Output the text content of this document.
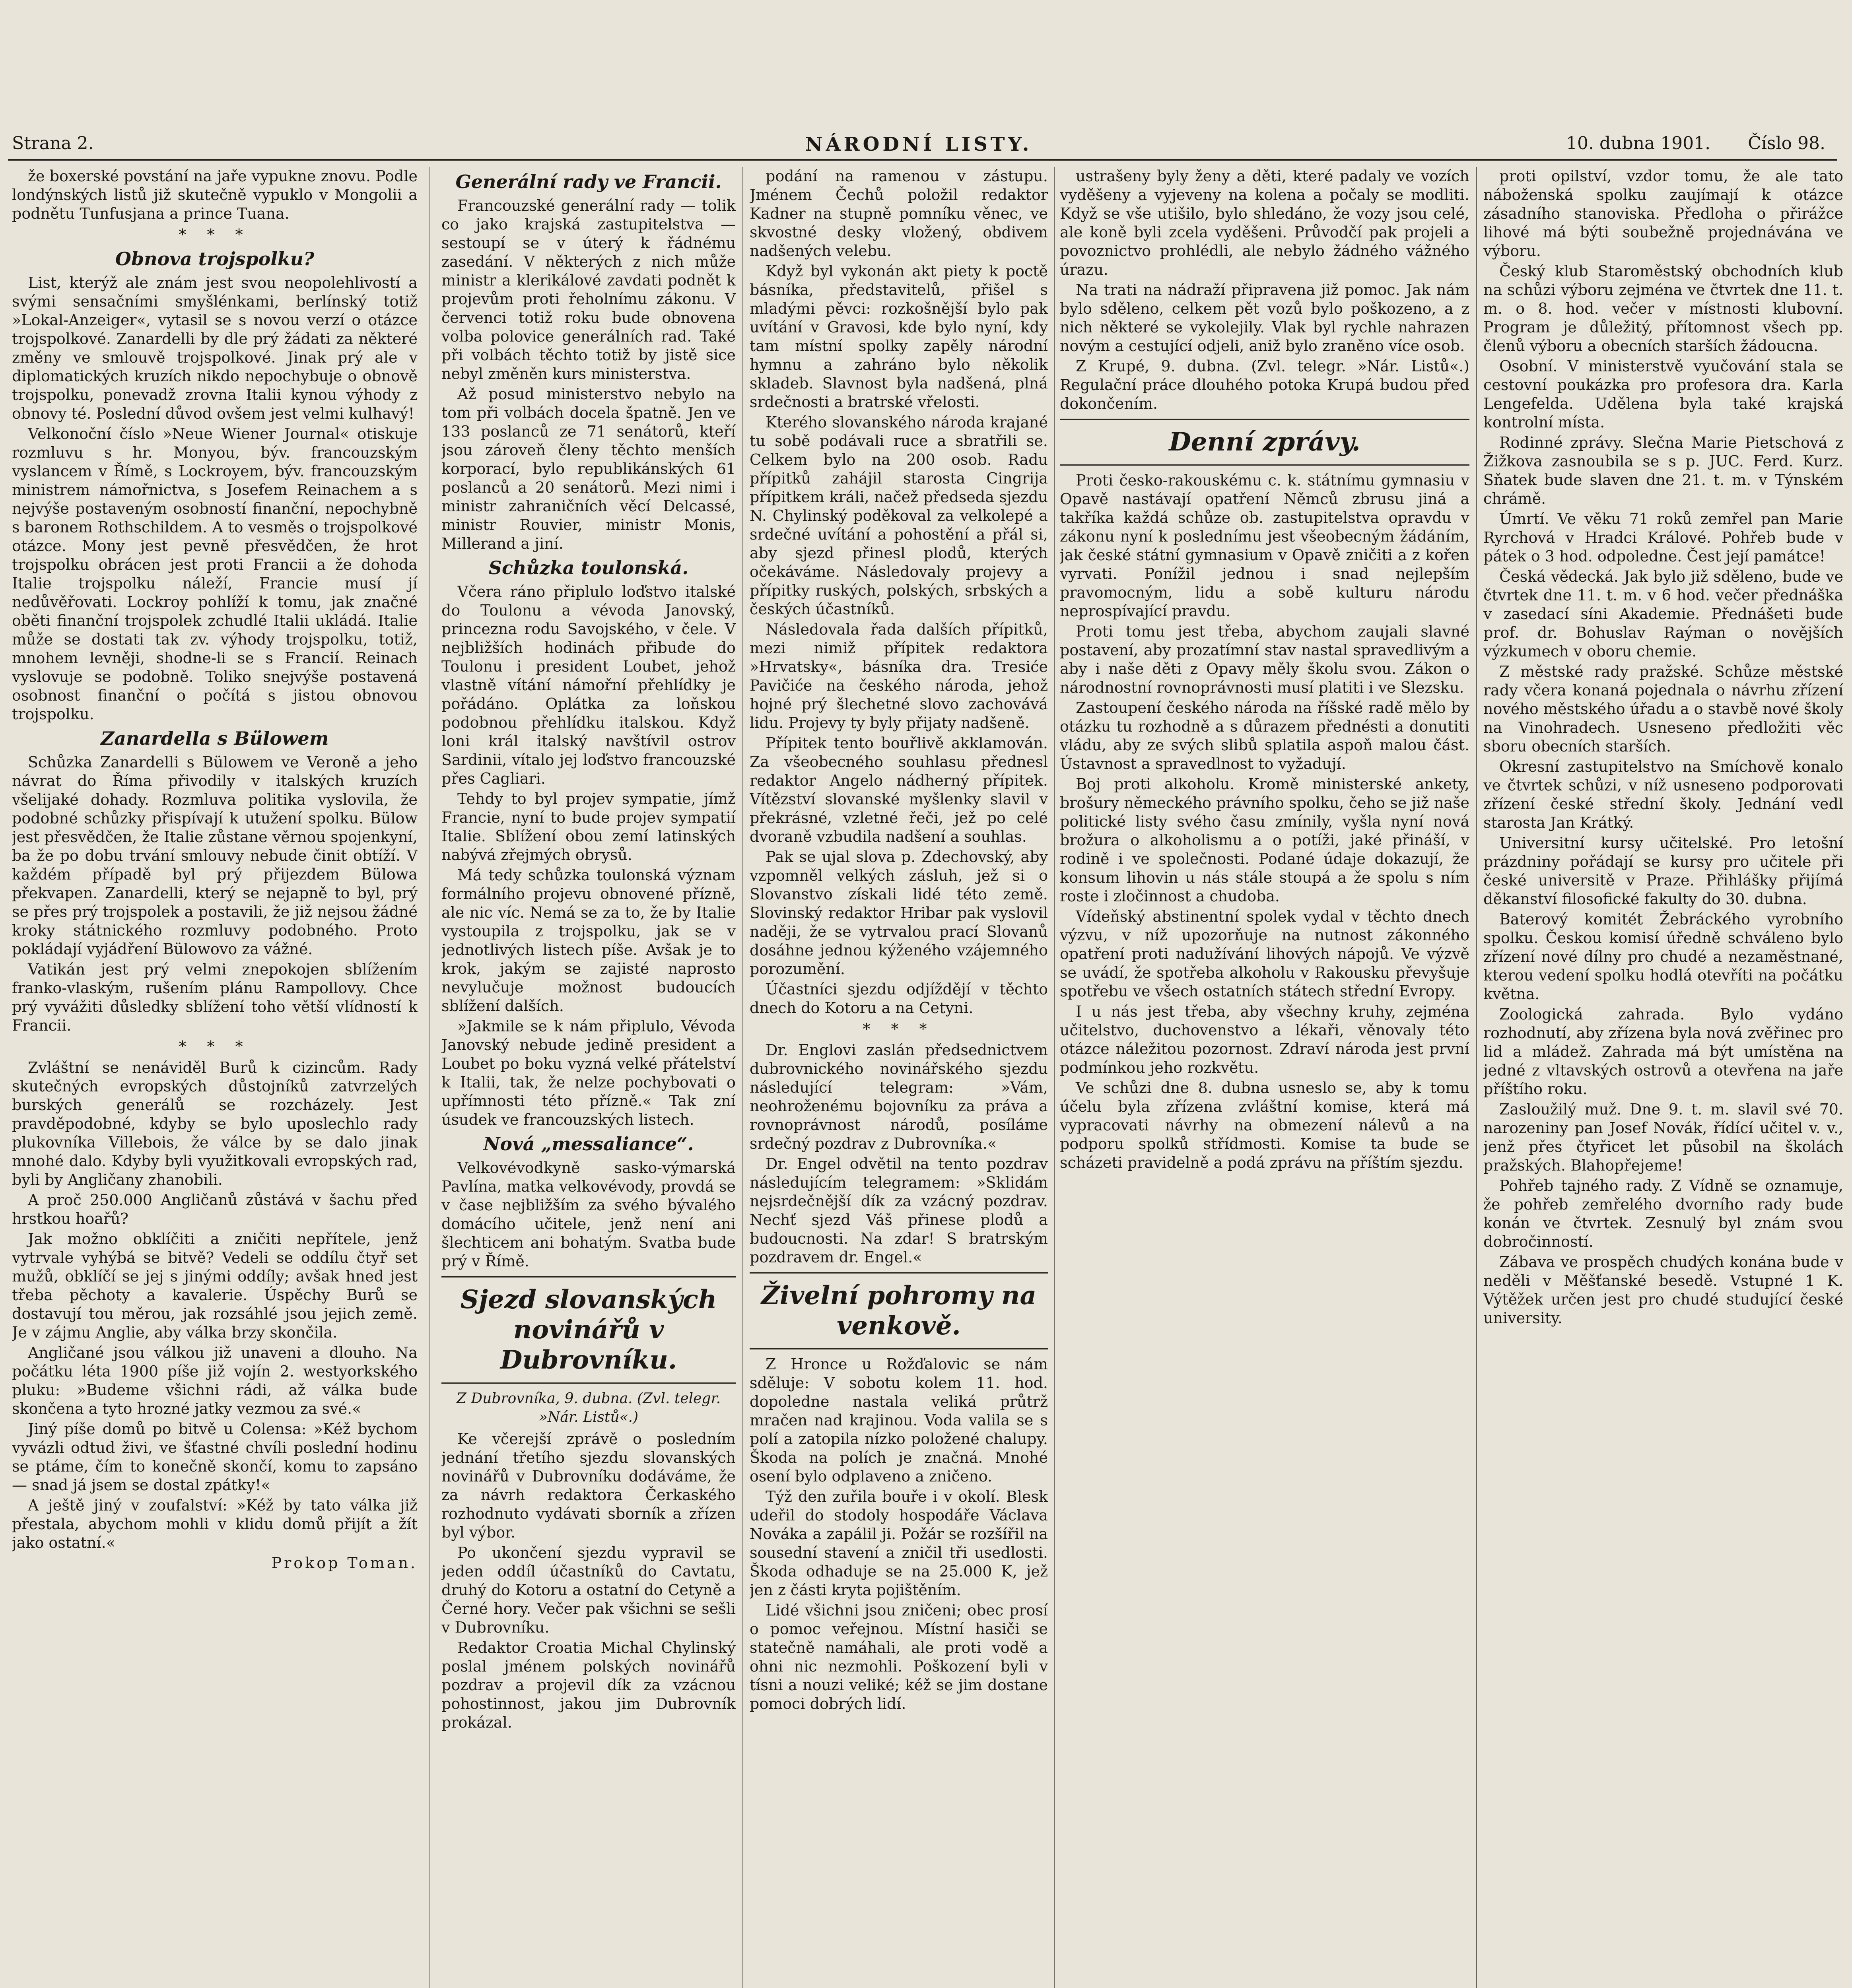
Strana 2.	NÁRODNÍ LISTY.	10. dubna 1901. Číslo 98.

že boxerské povstání na jaře vypukne znovu. Podle londýnských listů již skutečně vypuklo v Mongolii a podnětu Tunfusjana a prince Tuana.

* * *
Obnova trojspolku?

List, kterýž ale znám jest svou neopolehlivostí a svými sensačními smyšlénkami, berlínský totiž »Lokal-Anzeiger«, vytasil se s novou verzí o otázce trojspolkové. Zanardelli by dle prý žádati za některé změny ve smlouvě trojspolkové. Jinak prý ale v diplomatických kruzích nikdo nepochybuje o obnově trojspolku, ponevadž zrovna Italii kynou výhody z obnovy té. Poslední důvod ovšem jest velmi kulhavý!

Velkonoční číslo »Neue Wiener Journal« otiskuje rozmluvu s hr. Monyou, býv. francouzským vyslancem v Římě, s Lockroyem, býv. francouzským ministrem námořnictva, s Josefem Reinachem a s nejvýše postaveným osobností finanční, nepochybně s baronem Rothschildem. A to vesměs o trojspolkové otázce. Mony jest pevně přesvědčen, že hrot trojspolku obrácen jest proti Francii a že dohoda Italie trojspolku náleží, Francie musí jí nedůvěřovati. Lockroy pohlíží k tomu, jak značné oběti finanční trojspolek zchudlé Italii ukládá. Italie může se dostati tak zv. výhody trojspolku, totiž, mnohem levněji, shodne-li se s Francií. Reinach vyslovuje se podobně. Toliko snejvýše postavená osobnost finanční o počítá s jistou obnovou trojspolku.

Zanardella s Bülowem

Schůzka Zanardelli s Bülowem ve Veroně a jeho návrat do Říma přivodily v italských kruzích všelijaké dohady. Rozmluva politika vyslovila, že podobné schůzky přispívají k utužení spolku. Bülow jest přesvědčen, že Italie zůstane věrnou spojenkyní, ba že po dobu trvání smlouvy nebude činit obtíží. V každém případě byl prý přijezdem Bülowa překvapen. Zanardelli, který se nejapně to byl, prý se přes prý trojspolek a postavili, že již nejsou žádné kroky státnického rozmluvy podobného. Proto pokládají vyjádření Bülowovo za vážné.

Vatikán jest prý velmi znepokojen sblížením franko-vlaským, rušením plánu Rampollovy. Chce prý vyvážiti důsledky sblížení toho větší vlídností k Francii.

* * *

Zvláštní se nenáviděl Burů k cizincům. Rady skutečných evropských důstojníků zatvrzelých burských generálů se rozcházely. Jest pravděpodobné, kdyby se bylo uposlechlo rady plukovníka Villebois, že válce by se dalo jinak mnohé dalo. Kdyby byli využitkovali evropských rad, byli by Angličany zhanobili.

A proč 250.000 Angličanů zůstává v šachu před hrstkou hoařů?

Jak možno obklíčiti a zničiti nepřítele, jenž vytrvale vyhýbá se bitvě? Vedeli se oddílu čtyř set mužů, obklíčí se jej s jinými oddíly; avšak hned jest třeba pěchoty a kavalerie. Úspěchy Burů se dostavují tou měrou, jak rozsáhlé jsou jejich země. Je v zájmu Anglie, aby válka brzy skončila.

Angličané jsou válkou již unaveni a dlouho. Na počátku léta 1900 píše již vojín 2. westyorkského pluku: »Budeme všichni rádi, až válka bude skončena a tyto hrozné jatky vezmou za své.«

Jiný píše domů po bitvě u Colensa: »Kéž bychom vyvázli odtud živi, ve šťastné chvíli poslední hodinu se ptáme, čím to konečně skončí, komu to zapsáno — snad já jsem se dostal zpátky!«

A ještě jiný v zoufalství: »Kéž by tato válka již přestala, abychom mohli v klidu domů přijít a žít jako ostatní.«

Prokop Toman.
Generální rady ve Francii.

Francouzské generální rady — tolik co jako krajská zastupitelstva — sestoupí se v úterý k řádnému zasedání. V některých z nich může ministr a klerikálové zavdati podnět k projevům proti řeholnímu zákonu. V červenci totiž roku bude obnovena volba polovice generálních rad. Také při volbách těchto totiž by jistě sice nebyl změněn kurs ministerstva.

Až posud ministerstvo nebylo na tom při volbách docela špatně. Jen ve 133 poslanců ze 71 senátorů, kteří jsou zároveň členy těchto menších korporací, bylo republikánských 61 poslanců a 20 senátorů. Mezi nimi i ministr zahraničních věcí Delcassé, ministr Rouvier, ministr Monis, Millerand a jiní.

Schůzka toulonská.

Včera ráno připlulo loďstvo italské do Toulonu a vévoda Janovský, princezna rodu Savojského, v čele. V nejbližších hodinách přibude do Toulonu i president Loubet, jehož vlastně vítání námořní přehlídky je pořádáno. Oplátka za loňskou podobnou přehlídku italskou. Když loni král italský navštívil ostrov Sardinii, vítalo jej loďstvo francouzské přes Cagliari.

Tehdy to byl projev sympatie, jímž Francie, nyní to bude projev sympatií Italie. Sblížení obou zemí latinských nabývá zřejmých obrysů.

Má tedy schůzka toulonská význam formálního projevu obnovené přízně, ale nic víc. Nemá se za to, že by Italie vystoupila z trojspolku, jak se v jednotlivých listech píše. Avšak je to krok, jakým se zajisté naprosto nevylučuje možnost budoucích sblížení dalších.

»Jakmile se k nám připlulo, Vévoda Janovský nebude jedině president a Loubet po boku vyzná velké přátelství k Italii, tak, že nelze pochybovati o upřímnosti této přízně.« Tak zní úsudek ve francouzských listech.

Nová „messaliance“.

Velkovévodkyně sasko-výmarská Pavlína, matka velkovévody, provdá se v čase nejbližším za svého bývalého domácího učitele, jenž není ani šlechticem ani bohatým. Svatba bude prý v Římě.

Sjezd slovanských novinářů v Dubrovníku.
Z Dubrovníka, 9. dubna. (Zvl. telegr. »Nár. Listů«.)

Ke včerejší zprávě o posledním jednání třetího sjezdu slovanských novinářů v Dubrovníku dodáváme, že za návrh redaktora Čerkaského rozhodnuto vydávati sborník a zřízen byl výbor.

Po ukončení sjezdu vypravil se jeden oddíl účastníků do Cavtatu, druhý do Kotoru a ostatní do Cetyně a Černé hory. Večer pak všichni se sešli v Dubrovníku.

Redaktor Croatia Michal Chylinský poslal jménem polských novinářů pozdrav a projevil dík za vzácnou pohostinnost, jakou jim Dubrovník prokázal.

podání na ramenou v zástupu. Jménem Čechů položil redaktor Kadner na stupně pomníku věnec, ve skvostné desky vložený, obdivem nadšených velebu.

Když byl vykonán akt piety k poctě básníka, představitelů, přišel s mladými pěvci: rozkošnější bylo pak uvítání v Gravosi, kde bylo nyní, kdy tam místní spolky zapěly národní hymnu a zahráno bylo několik skladeb. Slavnost byla nadšená, plná srdečnosti a bratrské vřelosti.

Kterého slovanského národa krajané tu sobě podávali ruce a sbratřili se. Celkem bylo na 200 osob. Radu přípitků zahájil starosta Cingrija přípitkem králi, načež předseda sjezdu N. Chylinský poděkoval za velkolepé a srdečné uvítání a pohostění a přál si, aby sjezd přinesl plodů, kterých očekáváme. Následovaly projevy a přípitky ruských, polských, srbských a českých účastníků.

Následovala řada dalších přípitků, mezi nimiž přípitek redaktora »Hrvatsky«, básníka dra. Tresiće Pavičiće na českého národa, jehož hojné prý šlechetné slovo zachovává lidu. Projevy ty byly přijaty nadšeně.

Přípitek tento bouřlivě akklamován. Za všeobecného souhlasu přednesl redaktor Angelo nádherný přípitek. Vítězství slovanské myšlenky slavil v překrásné, vzletné řeči, jež po celé dvoraně vzbudila nadšení a souhlas.

Pak se ujal slova p. Zdechovský, aby vzpomněl velkých zásluh, jež si o Slovanstvo získali lidé této země. Slovinský redaktor Hribar pak vyslovil naději, že se vytrvalou prací Slovanů dosáhne jednou kýženého vzájemného porozumění.

Účastníci sjezdu odjíždějí v těchto dnech do Kotoru a na Cetyni.

* * *

Dr. Englovi zaslán předsednictvem dubrovnického novinářského sjezdu následující telegram: »Vám, neohroženému bojovníku za práva a rovnoprávnost národů, posíláme srdečný pozdrav z Dubrovníka.«

Dr. Engel odvětil na tento pozdrav následujícím telegramem: »Sklidám nejsrdečnější dík za vzácný pozdrav. Nechť sjezd Váš přinese plodů a budoucnosti. Na zdar! S bratrským pozdravem dr. Engel.«

Živelní pohromy na venkově.

Z Hronce u Rožďalovic se nám sděluje: V sobotu kolem 11. hod. dopoledne nastala veliká průtrž mračen nad krajinou. Voda valila se s polí a zatopila nízko položené chalupy. Škoda na polích je značná. Mnohé osení bylo odplaveno a zničeno.

Týž den zuřila bouře i v okolí. Blesk udeřil do stodoly hospodáře Václava Nováka a zapálil ji. Požár se rozšířil na sousední stavení a zničil tři usedlosti. Škoda odhaduje se na 25.000 K, jež jen z části kryta pojištěním.

Lidé všichni jsou zničeni; obec prosí o pomoc veřejnou. Místní hasiči se statečně namáhali, ale proti vodě a ohni nic nezmohli. Poškození byli v tísni a nouzi veliké; kéž se jim dostane pomoci dobrých lidí.

ustrašeny byly ženy a děti, které padaly ve vozích vyděšeny a vyjeveny na kolena a počaly se modliti. Když se vše utišilo, bylo shledáno, že vozy jsou celé, ale koně byli zcela vyděšeni. Průvodčí pak projeli a povoznictvo prohlédli, ale nebylo žádného vážného úrazu.

Na trati na nádraží připravena již pomoc. Jak nám bylo sděleno, celkem pět vozů bylo poškozeno, a z nich některé se vykolejily. Vlak byl rychle nahrazen novým a cestující odjeli, aniž bylo zraněno více osob.

Z Krupé, 9. dubna. (Zvl. telegr. »Nár. Listů«.) Regulační práce dlouhého potoka Krupá budou před dokončením.

Denní zprávy.

Proti česko-rakouskému c. k. státnímu gymnasiu v Opavě nastávají opatření Němců zbrusu jiná a takříka každá schůze ob. zastupitelstva opravdu v zákonu nyní k poslednímu jest všeobecným žádáním, jak české státní gymnasium v Opavě zničiti a z kořen vyrvati. Ponížil jednou i snad nejlepším pravomocným, lidu a sobě kulturu národu neprospívající pravdu.

Proti tomu jest třeba, abychom zaujali slavné postavení, aby prozatímní stav nastal spravedlivým a aby i naše děti z Opavy měly školu svou. Zákon o národnostní rovnoprávnosti musí platiti i ve Slezsku.

Zastoupení českého národa na říšské radě mělo by otázku tu rozhodně a s důrazem přednésti a donutiti vládu, aby ze svých slibů splatila aspoň malou část. Ústavnost a spravedlnost to vyžadují.

Boj proti alkoholu. Kromě ministerské ankety, brošury německého právního spolku, čeho se již naše politické listy svého času zmínily, vyšla nyní nová brožura o alkoholismu a o potíži, jaké přináší, v rodině i ve společnosti. Podané údaje dokazují, že konsum lihovin u nás stále stoupá a že spolu s ním roste i zločinnost a chudoba.

Vídeňský abstinentní spolek vydal v těchto dnech výzvu, v níž upozorňuje na nutnost zákonného opatření proti nadužívání lihových nápojů. Ve výzvě se uvádí, že spotřeba alkoholu v Rakousku převyšuje spotřebu ve všech ostatních státech střední Evropy.

I u nás jest třeba, aby všechny kruhy, zejména učitelstvo, duchovenstvo a lékaři, věnovaly této otázce náležitou pozornost. Zdraví národa jest první podmínkou jeho rozkvětu.

Ve schůzi dne 8. dubna usneslo se, aby k tomu účelu byla zřízena zvláštní komise, která má vypracovati návrhy na obmezení nálevů a na podporu spolků střídmosti. Komise ta bude se scházeti pravidelně a podá zprávu na příštím sjezdu.

proti opilství, vzdor tomu, že ale tato náboženská spolku zaujímají k otázce zásadního stanoviska. Předloha o přirážce lihové má býti soubežně projednávána ve výboru.

Český klub Staroměstský obchodních klub na schůzi výboru zejména ve čtvrtek dne 11. t. m. o 8. hod. večer v místnosti klubovní. Program je důležitý, přítomnost všech pp. členů výboru a obecních starších žádoucna.

Osobní. V ministerstvě vyučování stala se cestovní poukázka pro profesora dra. Karla Lengefelda. Udělena byla také krajská kontrolní místa.

Rodinné zprávy. Slečna Marie Pietschová z Žižkova zasnoubila se s p. JUC. Ferd. Kurz. Sňatek bude slaven dne 21. t. m. v Týnském chrámě.

Úmrtí. Ve věku 71 roků zemřel pan Marie Ryrchová v Hradci Králové. Pohřeb bude v pátek o 3 hod. odpoledne. Čest její památce!

Česká vědecká. Jak bylo již sděleno, bude ve čtvrtek dne 11. t. m. v 6 hod. večer přednáška v zasedací síni Akademie. Přednášeti bude prof. dr. Bohuslav Raýman o novějších výzkumech v oboru chemie.

Z městské rady pražské. Schůze městské rady včera konaná pojednala o návrhu zřízení nového městského úřadu a o stavbě nové školy na Vinohradech. Usneseno předložiti věc sboru obecních starších.

Okresní zastupitelstvo na Smíchově konalo ve čtvrtek schůzi, v níž usneseno podporovati zřízení české střední školy. Jednání vedl starosta Jan Krátký.

Universitní kursy učitelské. Pro letošní prázdniny pořádají se kursy pro učitele při české universitě v Praze. Přihlášky přijímá děkanství filosofické fakulty do 30. dubna.

Baterový komitét Žebráckého vyrobního spolku. Českou komisí úředně schváleno bylo zřízení nové dílny pro chudé a nezaměstnané, kterou vedení spolku hodlá otevříti na počátku května.

Zoologická zahrada. Bylo vydáno rozhodnutí, aby zřízena byla nová zvěřinec pro lid a mládež. Zahrada má být umístěna na jedné z vltavských ostrovů a otevřena na jaře příštího roku.

Zasloužilý muž. Dne 9. t. m. slavil své 70. narozeniny pan Josef Novák, řídící učitel v. v., jenž přes čtyřicet let působil na školách pražských. Blahopřejeme!

Pohřeb tajného rady. Z Vídně se oznamuje, že pohřeb zemřelého dvorního rady bude konán ve čtvrtek. Zesnulý byl znám svou dobročinností.

Zábava ve prospěch chudých konána bude v neděli v Měšťanské besedě. Vstupné 1 K. Výtěžek určen jest pro chudé studující české university.
